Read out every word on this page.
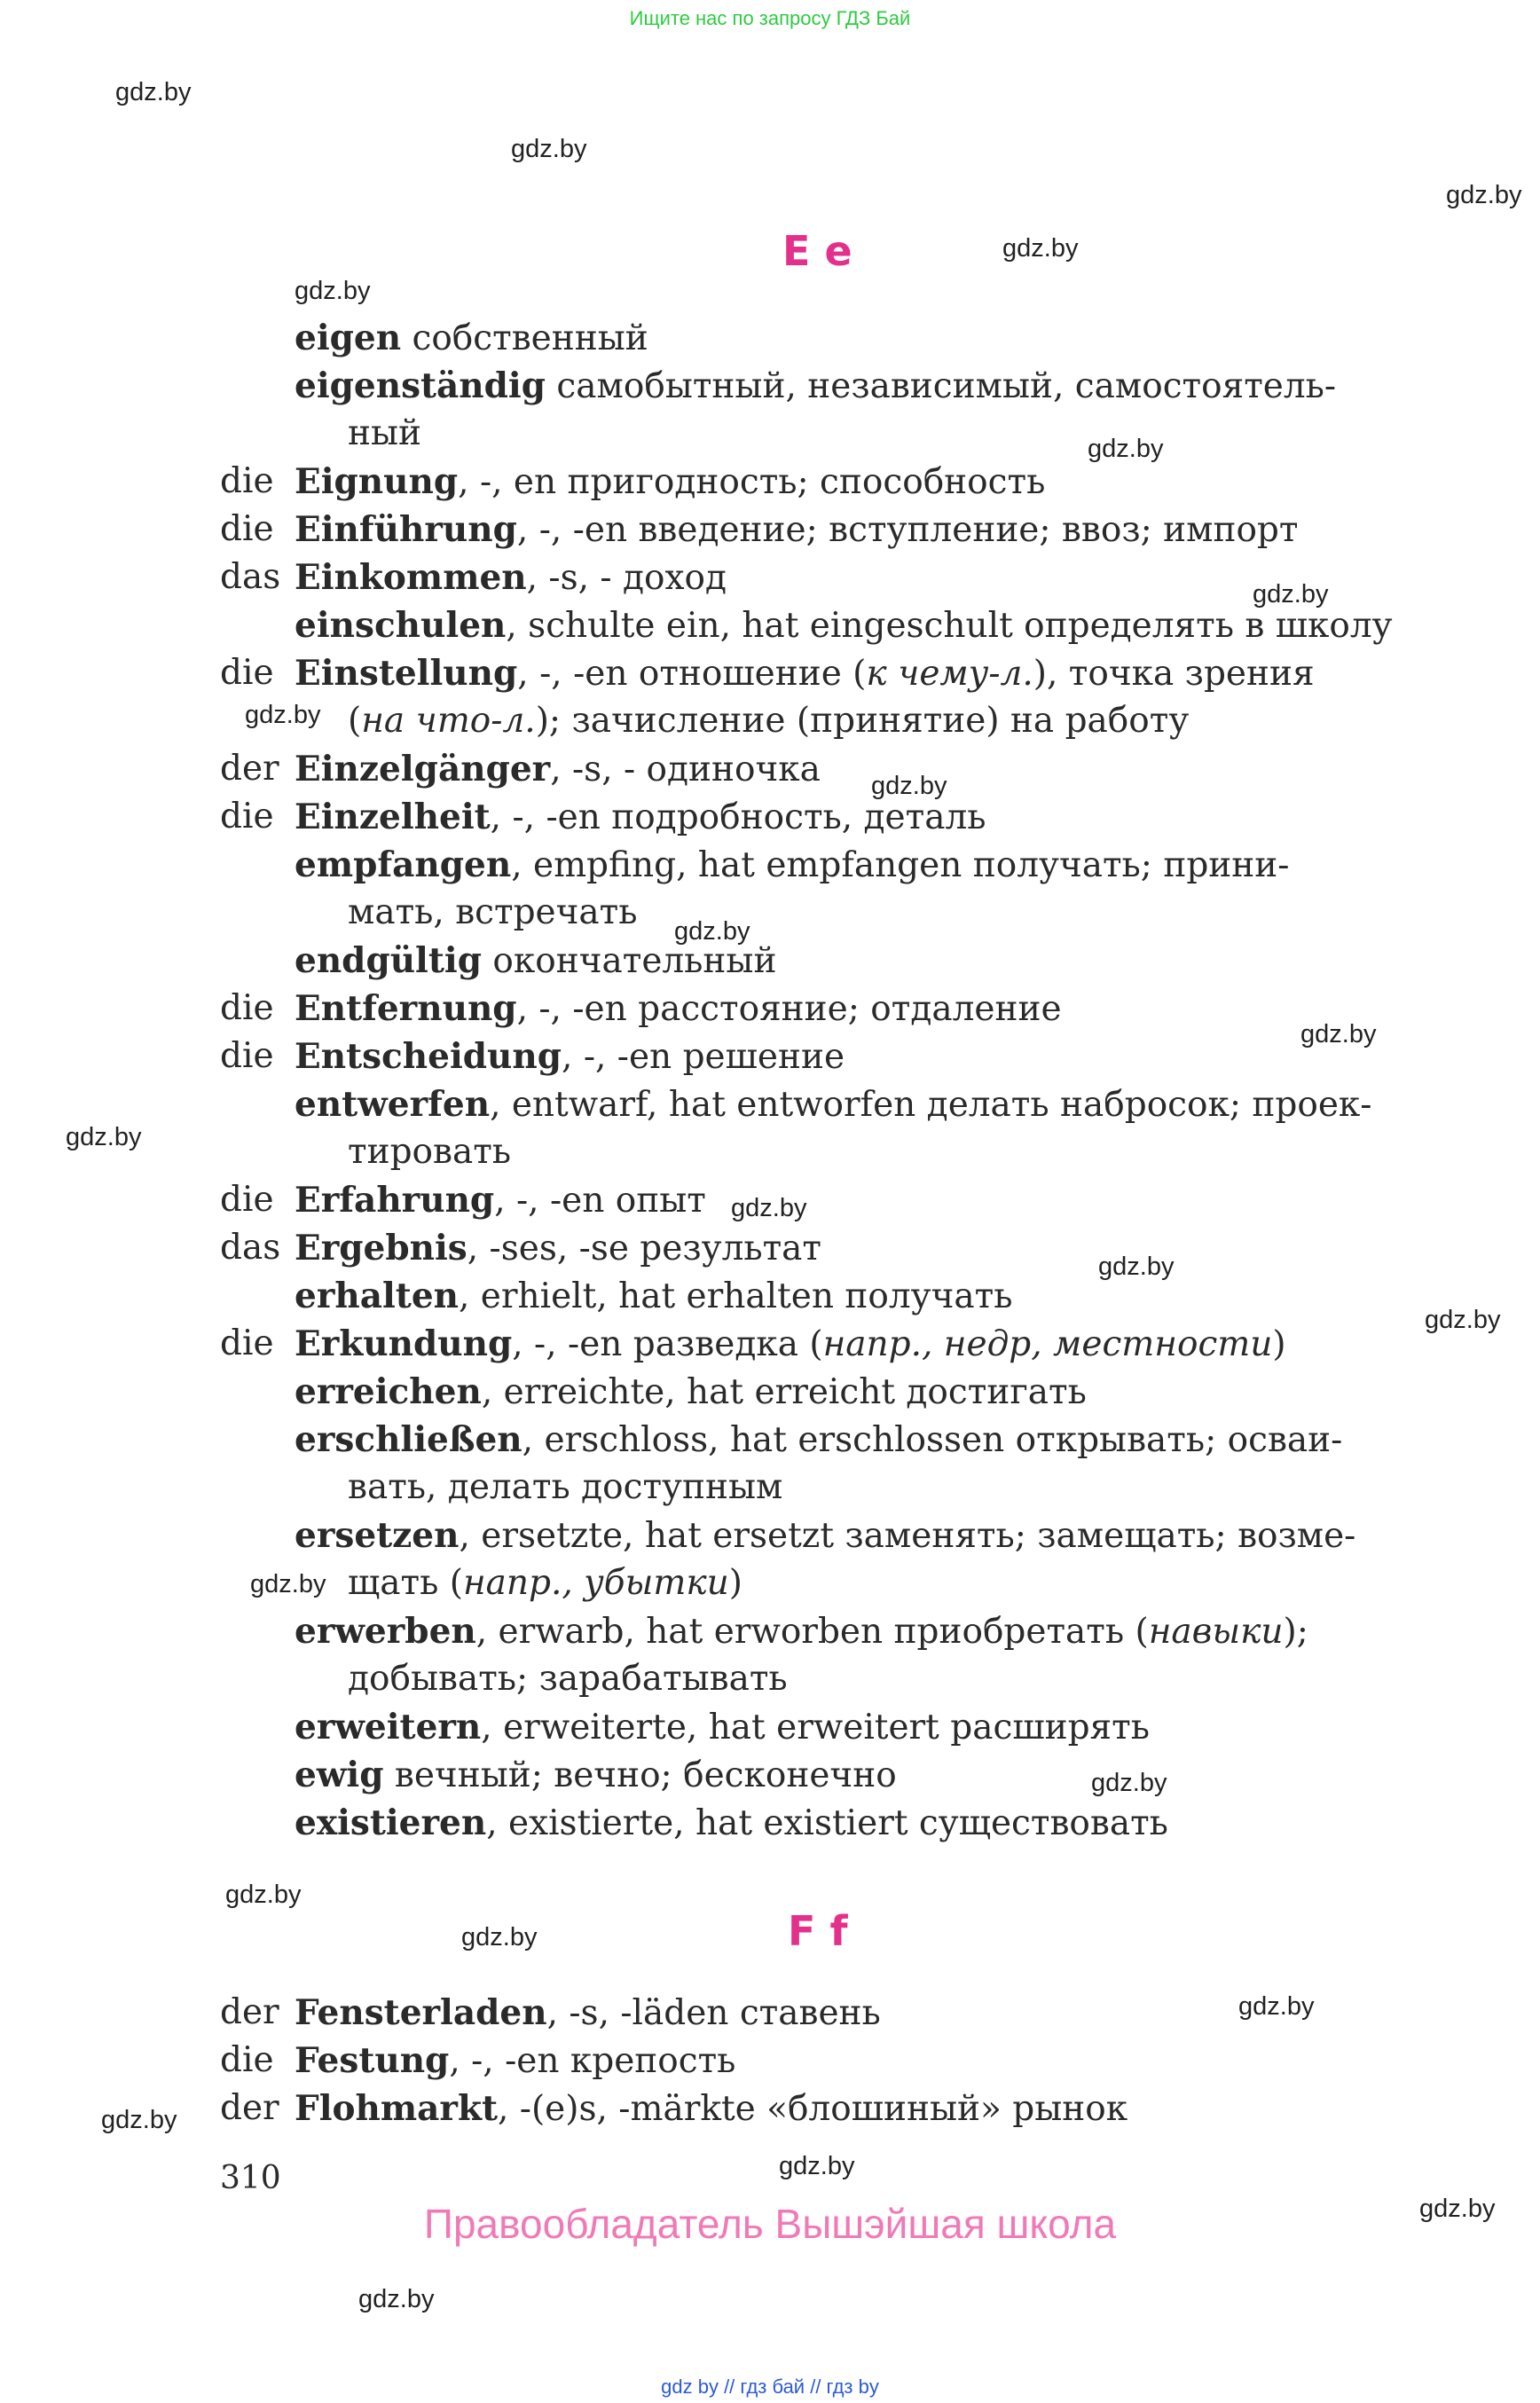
Ищите нас по запросу ГДЗ Бай
gdz.by
gdz.by
gdz.by
gdz.by
gdz.by
gdz.by
gdz.by
gdz.by
gdz.by
gdz.by
gdz.by
gdz.by
gdz.by
gdz.by
gdz.by
gdz.by
gdz.by
gdz.by
gdz.by
gdz.by
gdz.by
gdz.by
gdz.by
gdz.by
E e
F f
eigen собственный
eigenständig самобытный, независимый, самостоятель-
ный
die Eignung, -, en пригодность; способность
die Einführung, -, -en введение; вступление; ввоз; импорт
das Einkommen, -s, - доход
einschulen, schulte ein, hat eingeschult определять в школу
die Einstellung, -, -en отношение (к чему-л.), точка зрения
(на что-л.); зачисление (принятие) на работу
der Einzelgänger, -s, - одиночка
die Einzelheit, -, -en подробность, деталь
empfangen, empfing, hat empfangen получать; прини-
мать, встречать
endgültig окончательный
die Entfernung, -, -en расстояние; отдаление
die Entscheidung, -, -en решение
entwerfen, entwarf, hat entworfen делать набросок; проек-
тировать
die Erfahrung, -, -en опыт
das Ergebnis, -ses, -se результат
erhalten, erhielt, hat erhalten получать
die Erkundung, -, -en разведка (напр., недр, местности)
erreichen, erreichte, hat erreicht достигать
erschließen, erschloss, hat erschlossen открывать; осваи-
вать, делать доступным
ersetzen, ersetzte, hat ersetzt заменять; замещать; возме-
щать (напр., убытки)
erwerben, erwarb, hat erworben приобретать (навыки);
добывать; зарабатывать
erweitern, erweiterte, hat erweitert расширять
ewig вечный; вечно; бесконечно
existieren, existierte, hat existiert существовать
der Fensterladen, -s, -läden ставень
die Festung, -, -en крепость
der Flohmarkt, -(e)s, -märkte «блошиный» рынок
310
Правообладатель Вышэйшая школа
gdz by // гдз бай // гдз by
